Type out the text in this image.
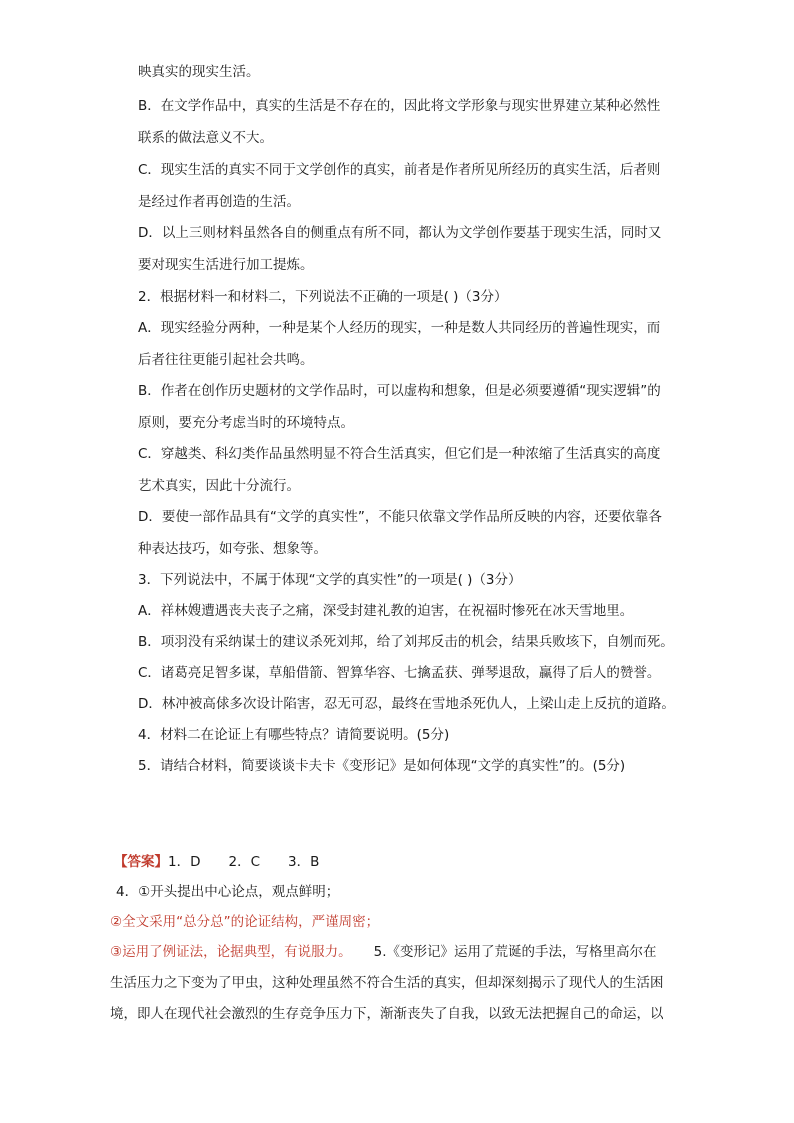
映真实的现实生活。
B．在文学作品中，真实的生活是不存在的，因此将文学形象与现实世界建立某种必然性
联系的做法意义不大。
C．现实生活的真实不同于文学创作的真实，前者是作者所见所经历的真实生活，后者则
是经过作者再创造的生活。
D．以上三则材料虽然各自的侧重点有所不同，都认为文学创作要基于现实生活，同时又
要对现实生活进行加工提炼。
2．根据材料一和材料二，下列说法不正确的一项是( )（3分）
A．现实经验分两种，一种是某个人经历的现实，一种是数人共同经历的普遍性现实，而
后者往往更能引起社会共鸣。
B．作者在创作历史题材的文学作品时，可以虚构和想象，但是必须要遵循“现实逻辑”的
原则，要充分考虑当时的环境特点。
C．穿越类、科幻类作品虽然明显不符合生活真实，但它们是一种浓缩了生活真实的高度
艺术真实，因此十分流行。
D．要使一部作品具有“文学的真实性”，不能只依靠文学作品所反映的内容，还要依靠各
种表达技巧，如夸张、想象等。
3．下列说法中，不属于体现“文学的真实性”的一项是( )（3分）
A．祥林嫂遭遇丧夫丧子之痛，深受封建礼教的迫害，在祝福时惨死在冰天雪地里。
B．项羽没有采纳谋士的建议杀死刘邦，给了刘邦反击的机会，结果兵败垓下，自刎而死。
C．诸葛亮足智多谋，草船借箭、智算华容、七擒孟获、弹琴退敌，赢得了后人的赞誉。
D．林冲被高俅多次设计陷害，忍无可忍，最终在雪地杀死仇人，上梁山走上反抗的道路。
4．材料二在论证上有哪些特点？请简要说明。(5分)
5．请结合材料，简要谈谈卡夫卡《变形记》是如何体现“文学的真实性”的。(5分)
【答案】1．D 2．C 3．B
4．①开头提出中心论点，观点鲜明；
②全文采用“总分总”的论证结构，严谨周密；
③运用了例证法，论据典型，有说服力。 5.《变形记》运用了荒诞的手法，写格里高尔在
生活压力之下变为了甲虫，这种处理虽然不符合生活的真实，但却深刻揭示了现代人的生活困
境，即人在现代社会激烈的生存竞争压力下，渐渐丧失了自我，以致无法把握自己的命运，以
